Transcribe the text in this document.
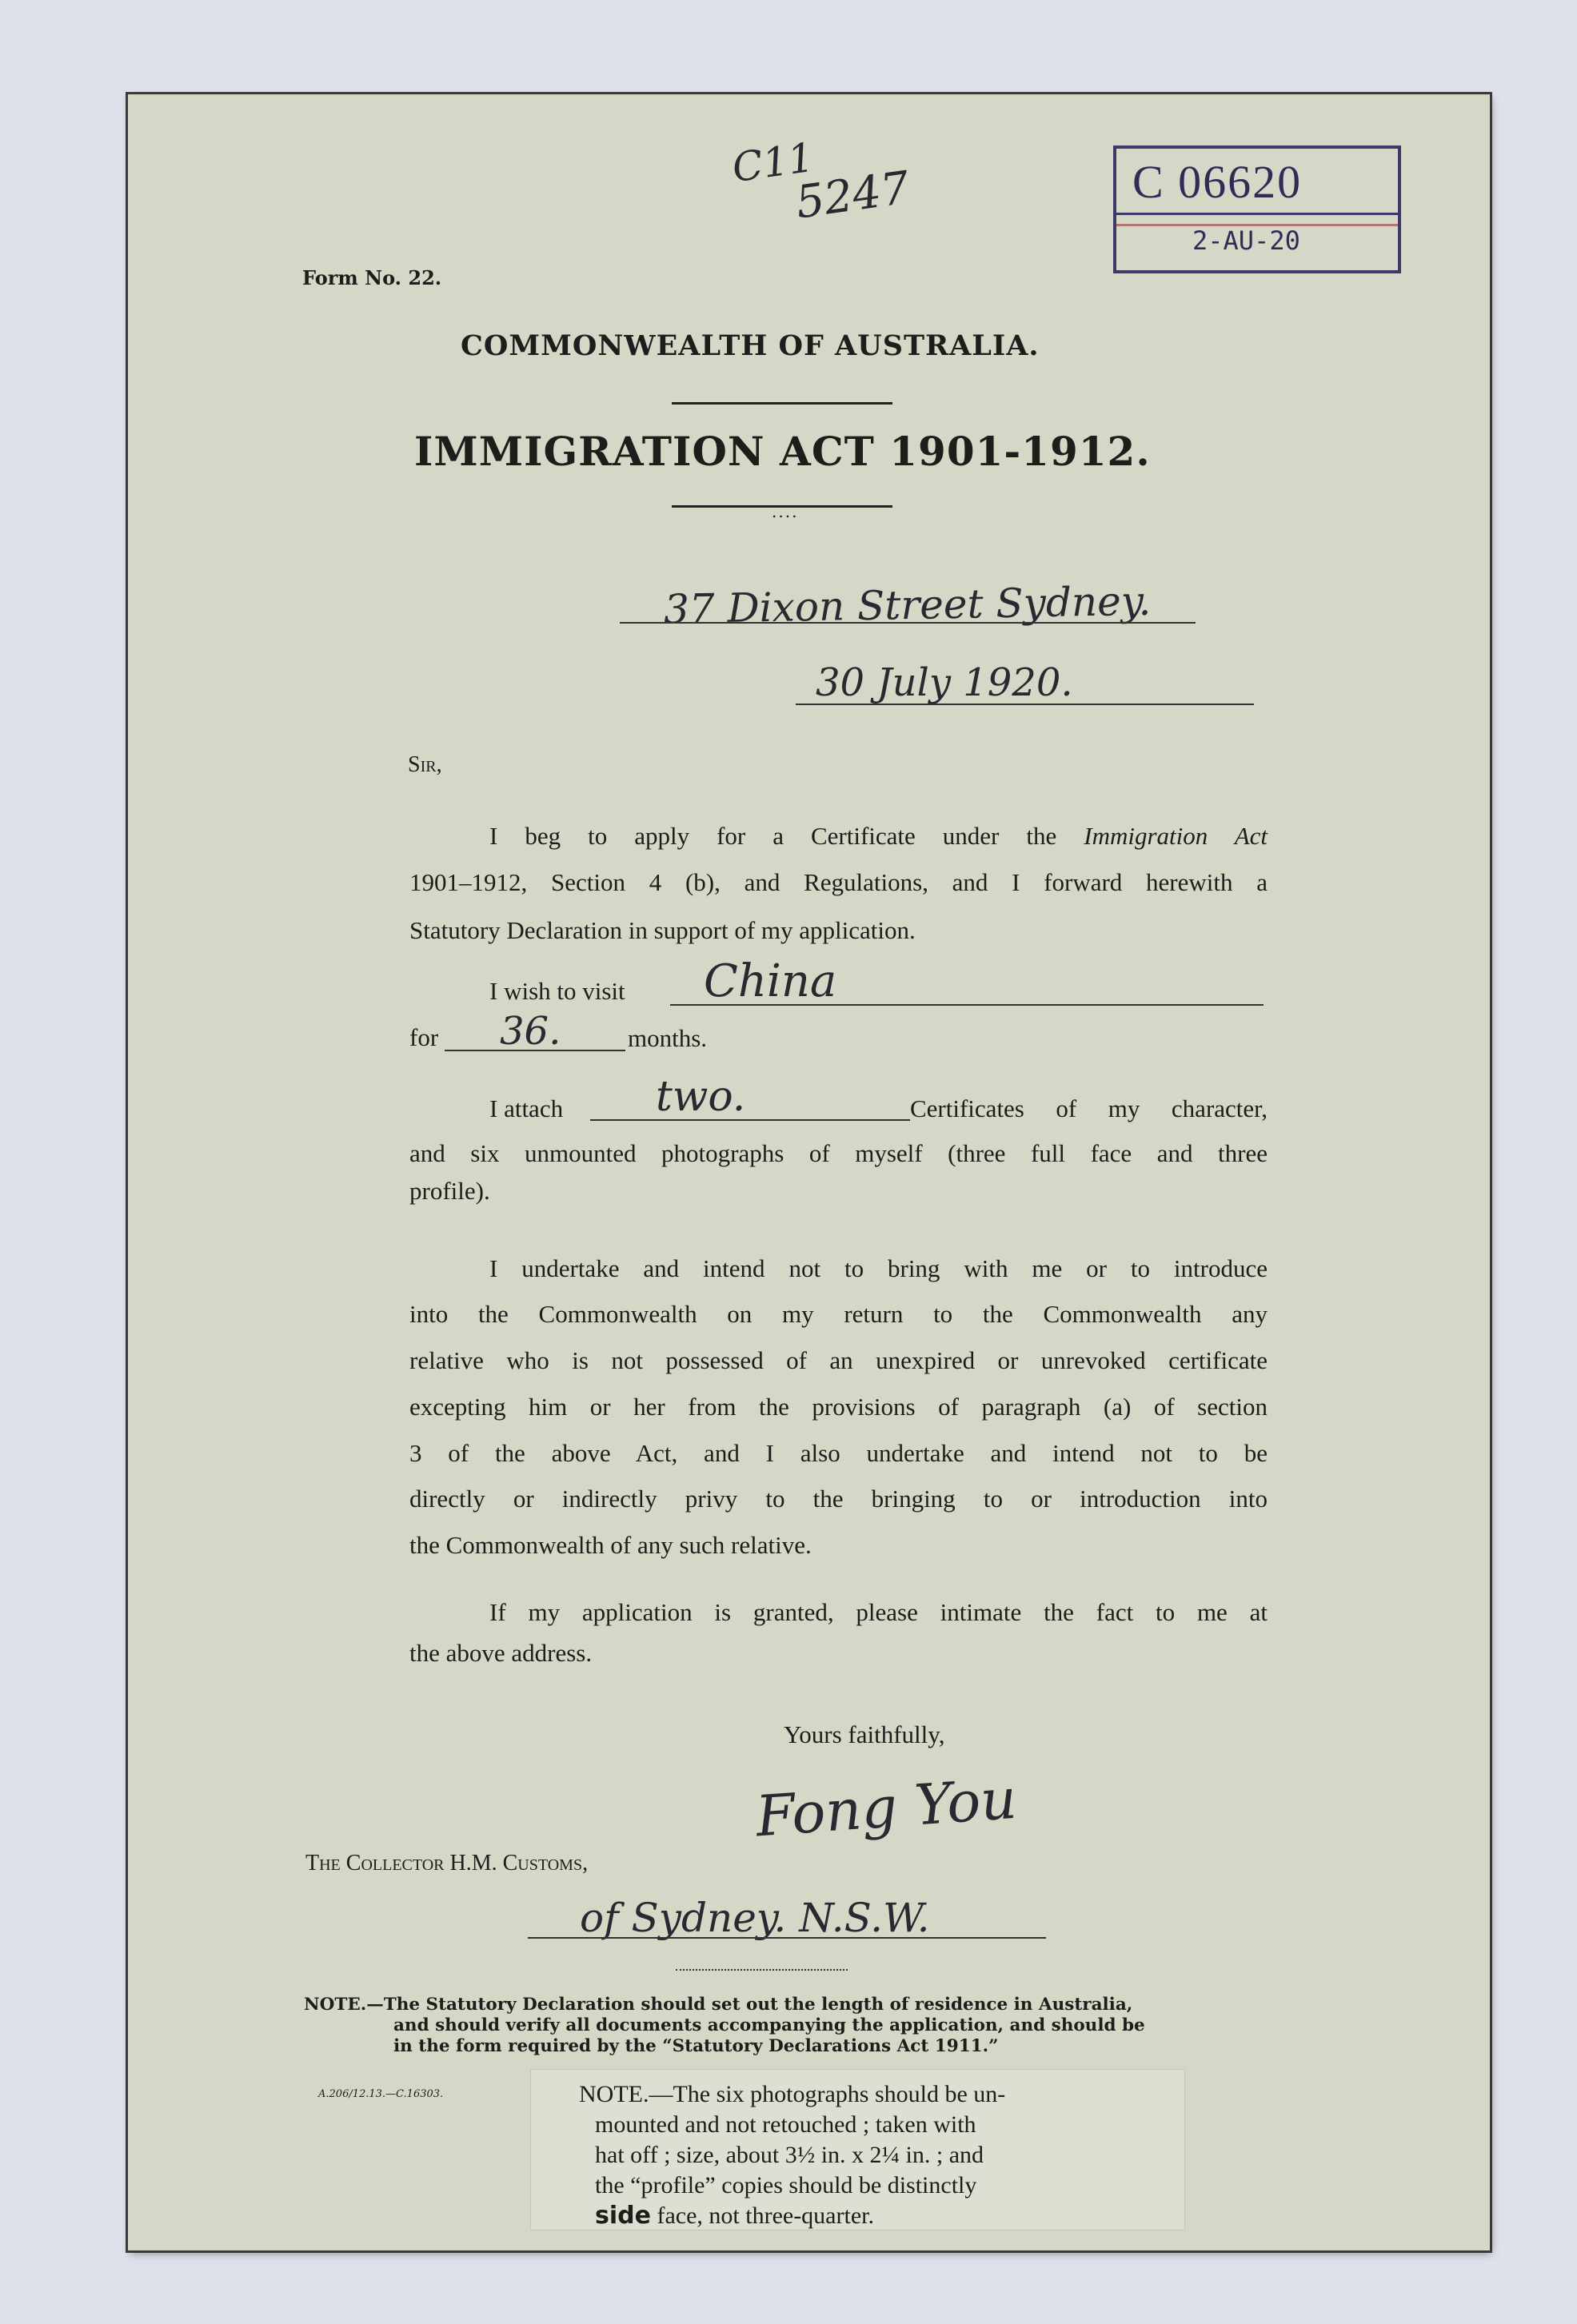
C11
5247	C 06620
2-AU-20
Form No. 22.
COMMONWEALTH OF AUSTRALIA.
IMMIGRATION ACT 1901-1912.
....
37 Dixon Street Sydney.
30 July 1920.
Sir,
I beg to apply for a Certificate under the Immigration Act
1901–1912, Section 4 (b), and Regulations, and I forward herewith a

Statutory Declaration in support of my application.
I wish to visit China
for 36.	months.
I attach two.	Certificates of my character,
and six unmounted photographs of myself (three full face and three
profile).
I undertake and intend not to bring with me or to introduce
into the Commonwealth on my return to the Commonwealth any
relative who is not possessed of an unexpired or unrevoked certificate
excepting him or her from the provisions of paragraph (a) of section
3 of the above Act, and I also undertake and intend not to be
directly or indirectly privy to the bringing to or introduction into
the Commonwealth of any such relative.
If my application is granted, please intimate the fact to me at
the above address.
Yours faithfully,
Fong You
The Collector H.M. Customs,
of Sydney. N.S.W.
NOTE.—The Statutory Declaration should set out the length of residence in Australia,
and should verify all documents accompanying the application, and should be
in the form required by the “Statutory Declarations Act 1911.”
A.206/12.13.—C.16303.	NOTE.—The six photographs should be un-
mounted and not retouched ; taken with
hat off ; size, about 3½ in. x 2¼ in. ; and
the “profile” copies should be distinctly
side face, not three-quarter.
